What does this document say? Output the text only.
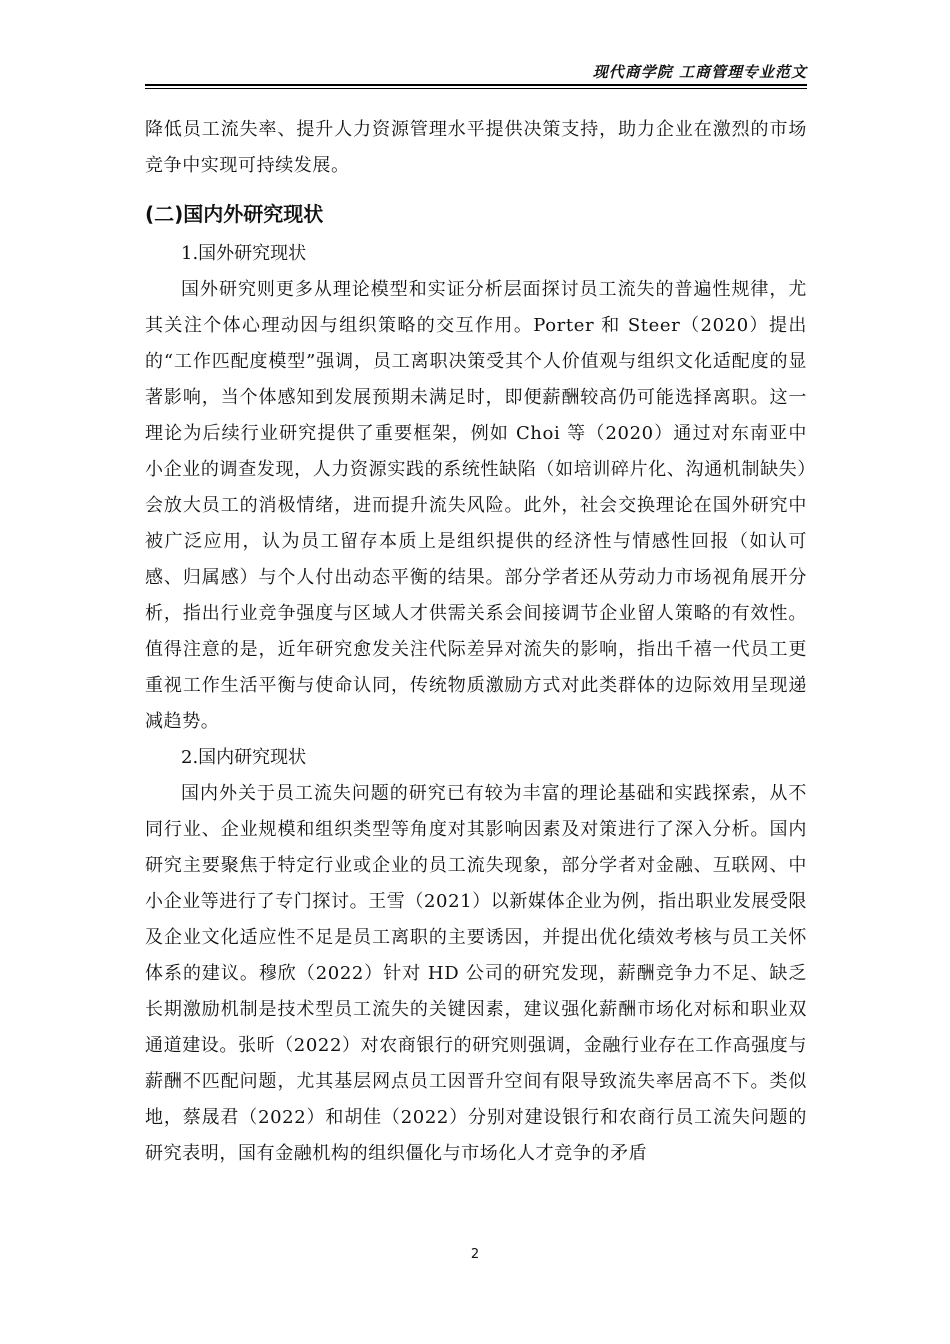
现代商学院 工商管理专业范文

降低员工流失率、提升人力资源管理水平提供决策支持，助力企业在激烈的市场竞争中实现可持续发展。

(二)国内外研究现状

1.国外研究现状

国外研究则更多从理论模型和实证分析层面探讨员工流失的普遍性规律，尤其关注个体心理动因与组织策略的交互作用。Porter 和 Steer（2020）提出的“工作匹配度模型”强调，员工离职决策受其个人价值观与组织文化适配度的显著影响，当个体感知到发展预期未满足时，即便薪酬较高仍可能选择离职。这一理论为后续行业研究提供了重要框架，例如 Choi 等（2020）通过对东南亚中小企业的调查发现，人力资源实践的系统性缺陷（如培训碎片化、沟通机制缺失）会放大员工的消极情绪，进而提升流失风险。此外，社会交换理论在国外研究中被广泛应用，认为员工留存本质上是组织提供的经济性与情感性回报（如认可感、归属感）与个人付出动态平衡的结果。部分学者还从劳动力市场视角展开分析，指出行业竞争强度与区域人才供需关系会间接调节企业留人策略的有效性。值得注意的是，近年研究愈发关注代际差异对流失的影响，指出千禧一代员工更重视工作生活平衡与使命认同，传统物质激励方式对此类群体的边际效用呈现递减趋势。

2.国内研究现状

国内外关于员工流失问题的研究已有较为丰富的理论基础和实践探索，从不同行业、企业规模和组织类型等角度对其影响因素及对策进行了深入分析。国内研究主要聚焦于特定行业或企业的员工流失现象，部分学者对金融、互联网、中小企业等进行了专门探讨。王雪（2021）以新媒体企业为例，指出职业发展受限及企业文化适应性不足是员工离职的主要诱因，并提出优化绩效考核与员工关怀体系的建议。穆欣（2022）针对 HD 公司的研究发现，薪酬竞争力不足、缺乏长期激励机制是技术型员工流失的关键因素，建议强化薪酬市场化对标和职业双通道建设。张昕（2022）对农商银行的研究则强调，金融行业存在工作高强度与薪酬不匹配问题，尤其基层网点员工因晋升空间有限导致流失率居高不下。类似地，蔡晟君（2022）和胡佳（2022）分别对建设银行和农商行员工流失问题的研究表明，国有金融机构的组织僵化与市场化人才竞争的矛盾

2
